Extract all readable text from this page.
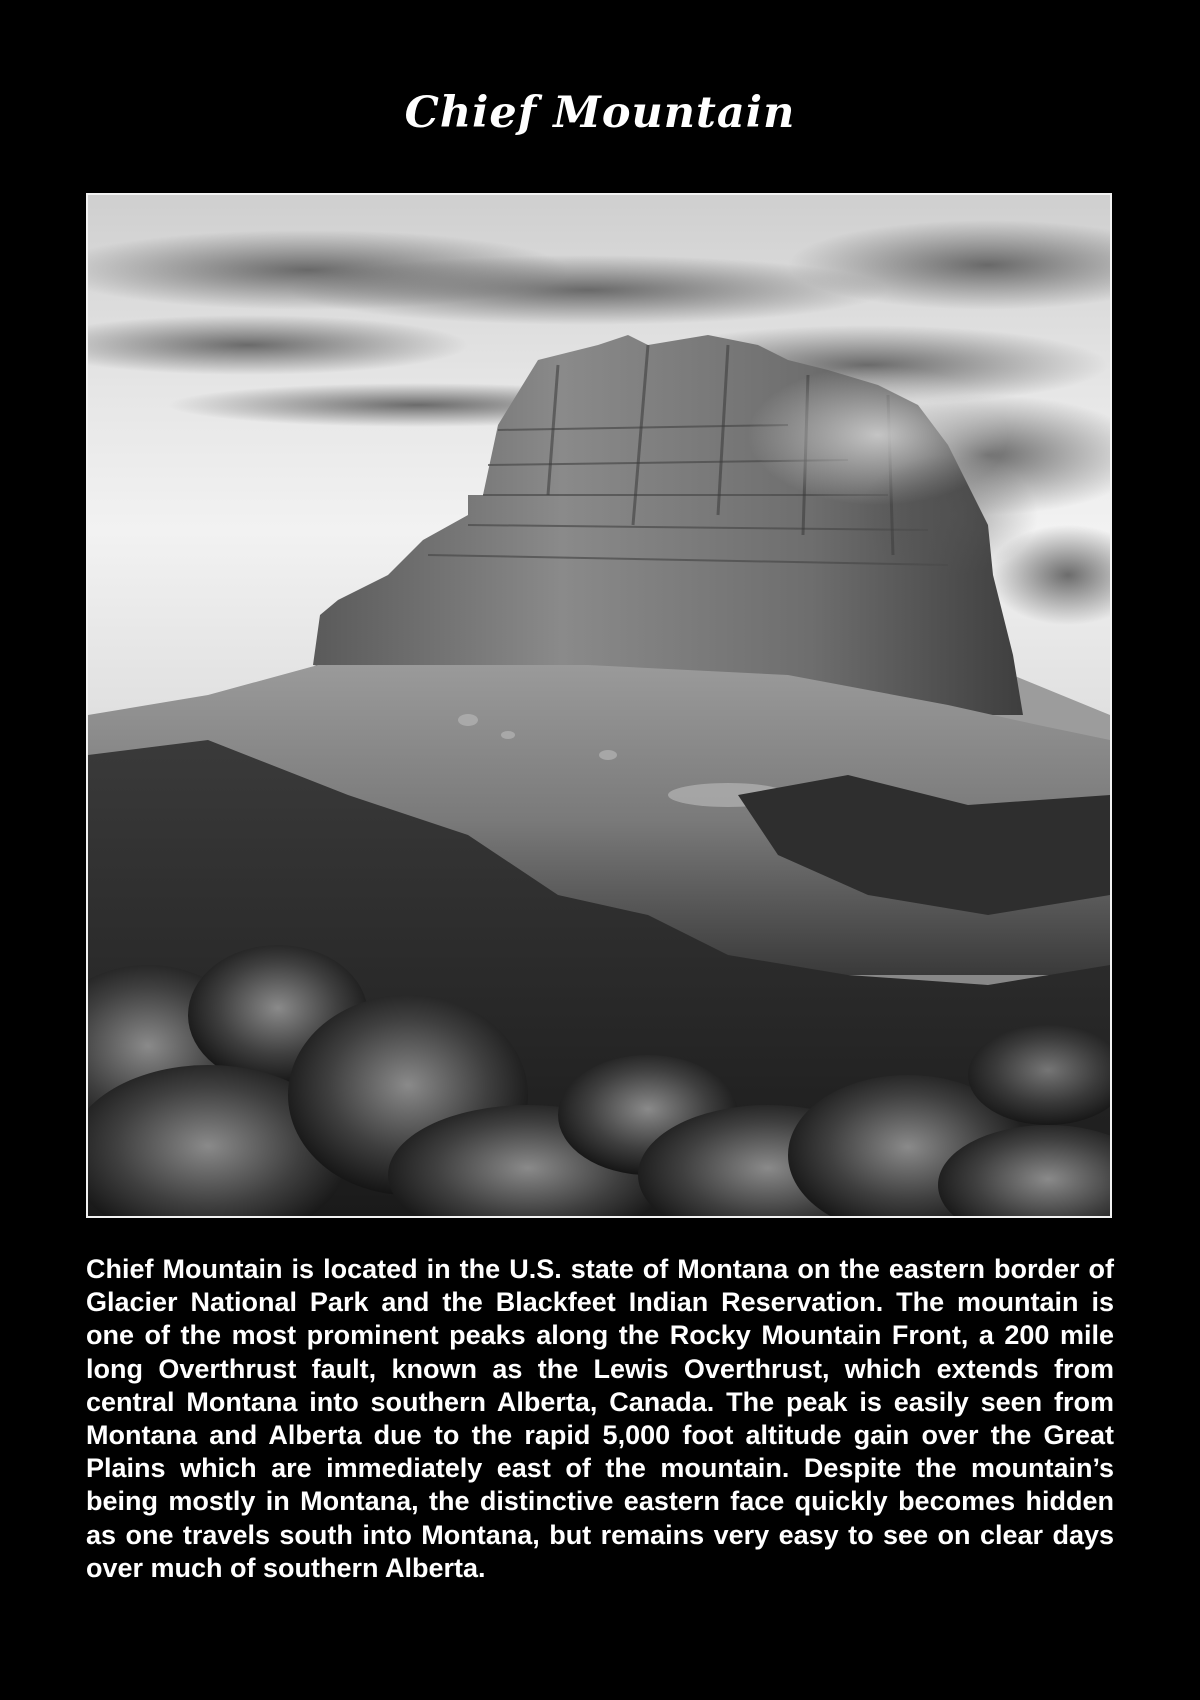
Chief Mountain

Chief Mountain is located in the U.S. state of Montana on the eastern border of Glacier National Park and the Blackfeet Indian Reservation. The mountain is one of the most prominent peaks along the Rocky Mountain Front, a 200 mile long Overthrust fault, known as the Lewis Overthrust, which extends from central Montana into southern Alberta, Canada. The peak is easily seen from Montana and Alberta due to the rapid 5,000 foot altitude gain over the Great Plains which are immediately east of the mountain. Despite the mountain’s being mostly in Montana, the distinctive eastern face quickly becomes hidden as one travels south into Montana, but remains very easy to see on clear days over much of southern Alberta.
